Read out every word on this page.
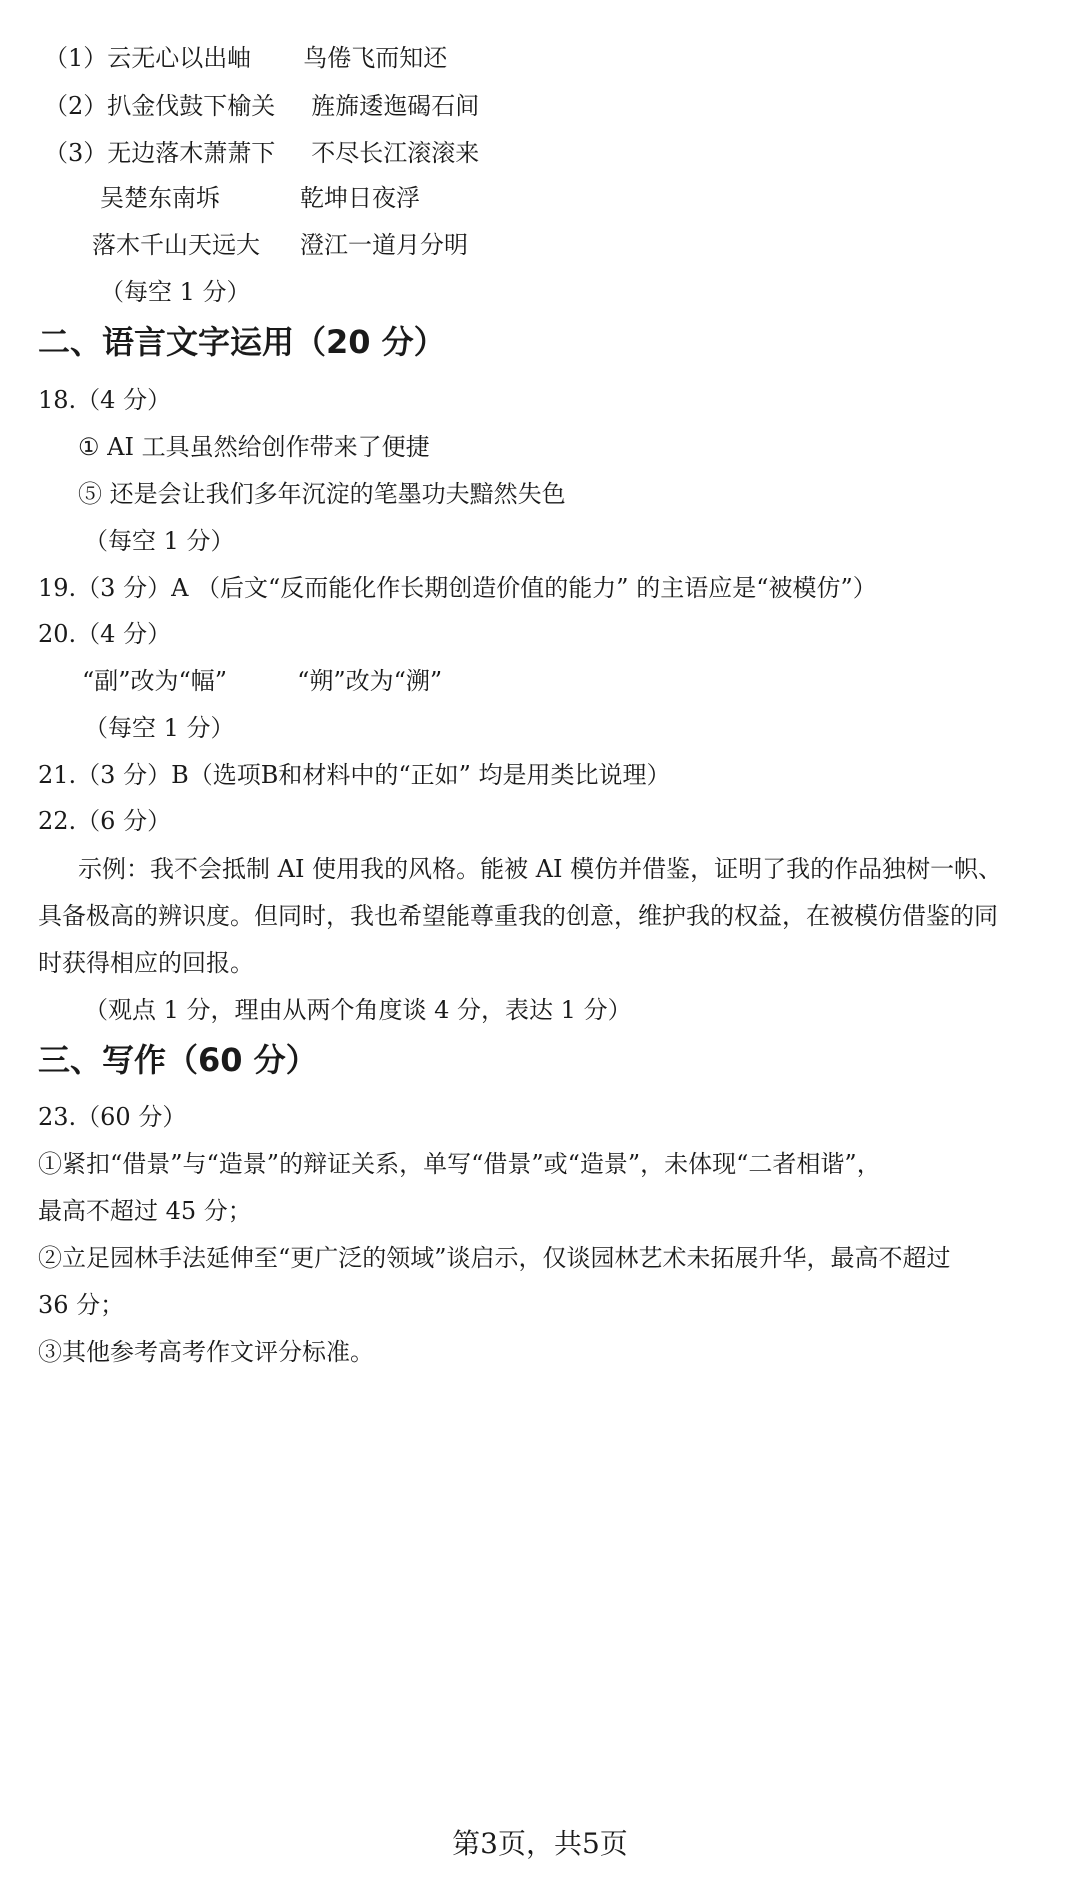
（1）云无心以出岫 鸟倦飞而知还
（2）扒金伐鼓下榆关 旌旆逶迤碣石间
（3）无边落木萧萧下 不尽长江滚滚来
吴楚东南坼	乾坤日夜浮
落木千山天远大 澄江一道月分明
（每空 1 分）
二、语言文字运用（20 分）
18.（4 分）
① AI 工具虽然给创作带来了便捷
⑤ 还是会让我们多年沉淀的笔墨功夫黯然失色
（每空 1 分）
19.（3 分）A （后文“反而能化作长期创造价值的能力” 的主语应是“被模仿”）
20.（4 分）
“副”改为“幅”	“朔”改为“溯”
（每空 1 分）
21.（3 分）B（选项B和材料中的“正如” 均是用类比说理）
22.（6 分）
示例：我不会抵制 AI 使用我的风格。能被 AI 模仿并借鉴，证明了我的作品独树一帜、
具备极高的辨识度。但同时，我也希望能尊重我的创意，维护我的权益，在被模仿借鉴的同
时获得相应的回报。
（观点 1 分，理由从两个角度谈 4 分，表达 1 分）
三、写作（60 分）
23.（60 分）
①紧扣“借景”与“造景”的辩证关系，单写“借景”或“造景”，未体现“二者相谐”，
最高不超过 45 分；
②立足园林手法延伸至“更广泛的领域”谈启示，仅谈园林艺术未拓展升华，最高不超过
36 分；
③其他参考高考作文评分标准。
第3页，共5页
